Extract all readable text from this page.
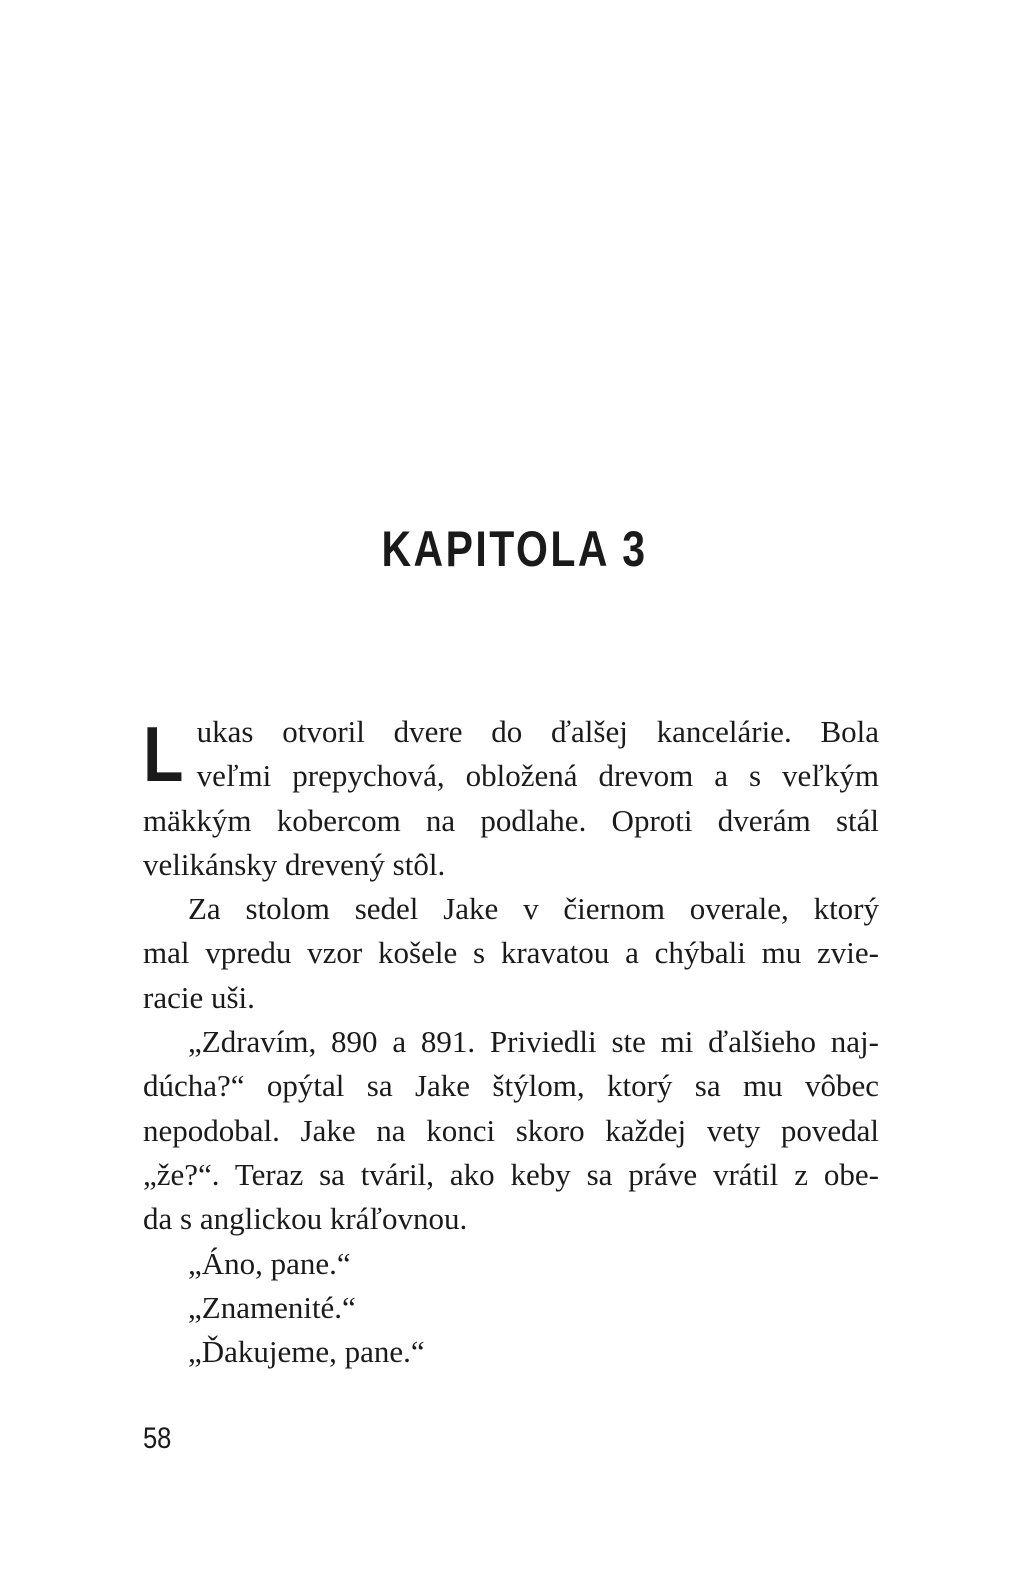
KAPITOLA 3
L ukas otvoril dvere do ďalšej kancelárie. Bola
veľmi prepychová, obložená drevom a s veľkým
mäkkým kobercom na podlahe. Oproti dverám stál
velikánsky drevený stôl.
Za stolom sedel Jake v čiernom overale, ktorý
mal vpredu vzor košele s kravatou a chýbali mu zvie-
racie uši.
„Zdravím, 890 a 891. Priviedli ste mi ďalšieho naj-
dúcha?“ opýtal sa Jake štýlom, ktorý sa mu vôbec
nepodobal. Jake na konci skoro každej vety povedal
„že?“. Teraz sa tváril, ako keby sa práve vrátil z obe-
da s anglickou kráľovnou.
„Áno, pane.“
„Znamenité.“
„Ďakujeme, pane.“
58
